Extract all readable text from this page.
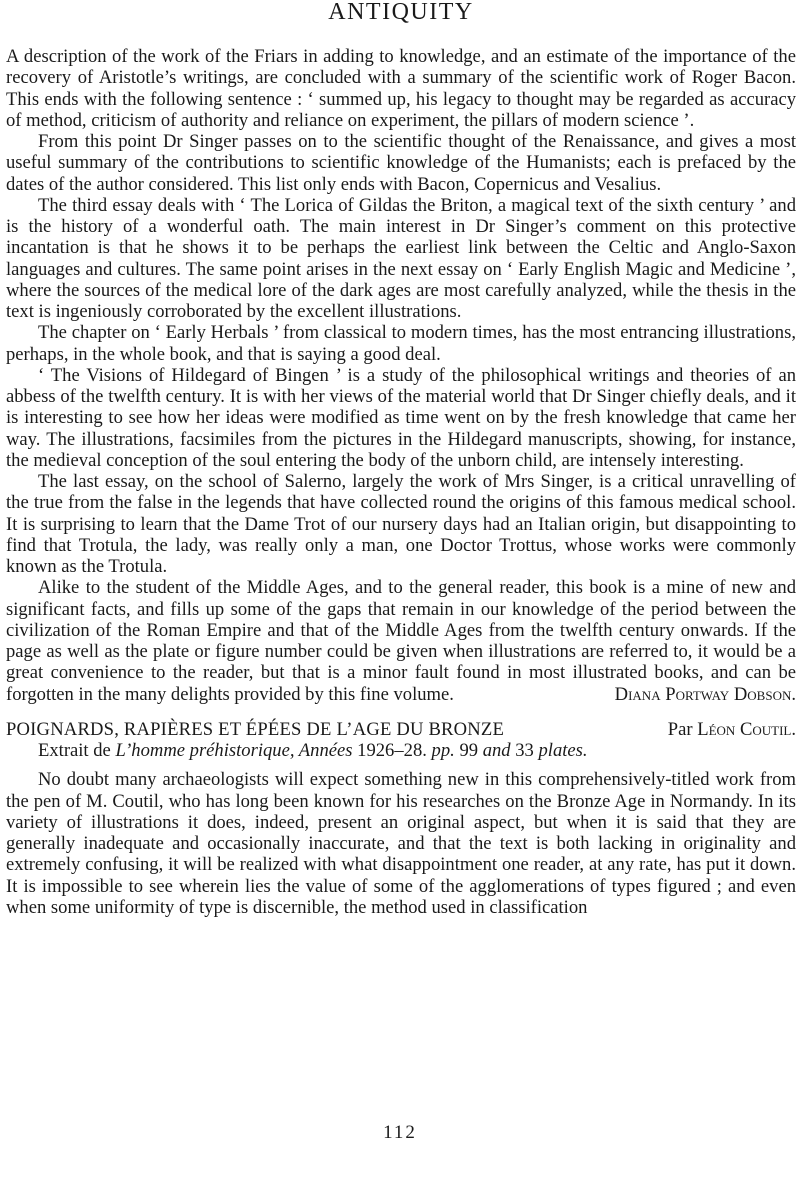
ANTIQUITY

A description of the work of the Friars in adding to knowledge, and an estimate of the importance of the recovery of Aristotle’s writings, are concluded with a summary of the scientific work of Roger Bacon. This ends with the following sentence : ‘ summed up, his legacy to thought may be regarded as accuracy of method, criticism of authority and reliance on experiment, the pillars of modern science ’.

From this point Dr Singer passes on to the scientific thought of the Renaissance, and gives a most useful summary of the contributions to scientific knowledge of the Humanists; each is prefaced by the dates of the author considered. This list only ends with Bacon, Copernicus and Vesalius.

The third essay deals with ‘ The Lorica of Gildas the Briton, a magical text of the sixth century ’ and is the history of a wonderful oath. The main interest in Dr Singer’s comment on this protective incantation is that he shows it to be perhaps the earliest link between the Celtic and Anglo-Saxon languages and cultures. The same point arises in the next essay on ‘ Early English Magic and Medicine ’, where the sources of the medical lore of the dark ages are most carefully analyzed, while the thesis in the text is ingeniously corroborated by the excellent illustrations.

The chapter on ‘ Early Herbals ’ from classical to modern times, has the most entrancing illustrations, perhaps, in the whole book, and that is saying a good deal.

‘ The Visions of Hildegard of Bingen ’ is a study of the philosophical writings and theories of an abbess of the twelfth century. It is with her views of the material world that Dr Singer chiefly deals, and it is interesting to see how her ideas were modified as time went on by the fresh knowledge that came her way. The illustrations, facsimiles from the pictures in the Hildegard manuscripts, showing, for instance, the medieval conception of the soul entering the body of the unborn child, are intensely interesting.

The last essay, on the school of Salerno, largely the work of Mrs Singer, is a critical unravelling of the true from the false in the legends that have collected round the origins of this famous medical school. It is surprising to learn that the Dame Trot of our nursery days had an Italian origin, but disappointing to find that Trotula, the lady, was really only a man, one Doctor Trottus, whose works were commonly known as the Trotula.

Alike to the student of the Middle Ages, and to the general reader, this book is a mine of new and significant facts, and fills up some of the gaps that remain in our knowledge of the period between the civilization of the Roman Empire and that of the Middle Ages from the twelfth century onwards. If the page as well as the plate or figure number could be given when illustrations are referred to, it would be a great convenience to the reader, but that is a minor fault found in most illustrated books, and can be forgotten in the many delights provided by this fine volume.	Diana Portway Dobson.

POIGNARDS, RAPIÈRES ET ÉPÉES DE L’AGE DU BRONZE	Par Léon Coutil.
Extrait de L’homme préhistorique, Années 1926–28. pp. 99 and 33 plates.

No doubt many archaeologists will expect something new in this comprehensively-titled work from the pen of M. Coutil, who has long been known for his researches on the Bronze Age in Normandy. In its variety of illustrations it does, indeed, present an original aspect, but when it is said that they are generally inadequate and occasionally inaccurate, and that the text is both lacking in originality and extremely confusing, it will be realized with what disappointment one reader, at any rate, has put it down. It is impossible to see wherein lies the value of some of the agglomerations of types figured ; and even when some uniformity of type is discernible, the method used in classification

112
